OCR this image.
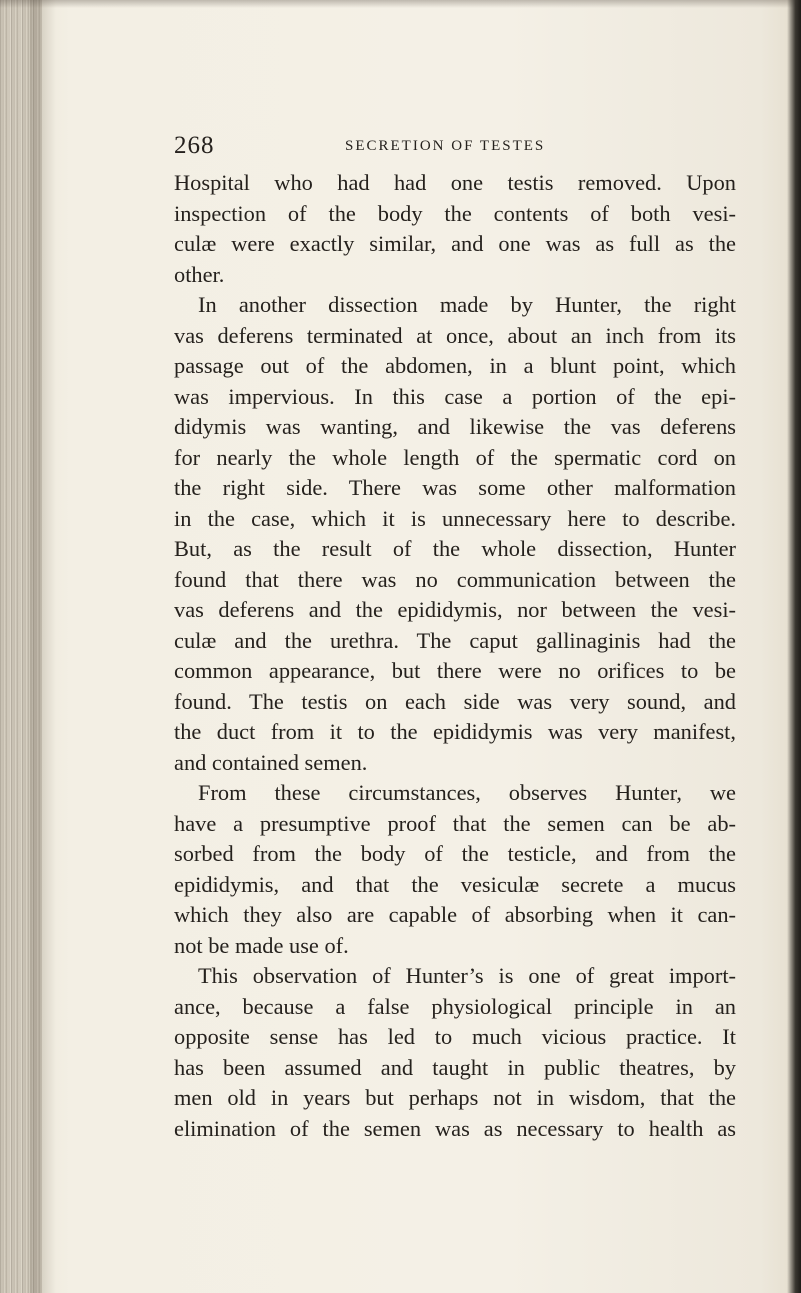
268	SECRETION OF TESTES
Hospital who had had one testis removed. Upon
inspection of the body the contents of both vesi-
culæ were exactly similar, and one was as full as the
other.
In another dissection made by Hunter, the right
vas deferens terminated at once, about an inch from its
passage out of the abdomen, in a blunt point, which
was impervious. In this case a portion of the epi-
didymis was wanting, and likewise the vas deferens
for nearly the whole length of the spermatic cord on
the right side. There was some other malformation
in the case, which it is unnecessary here to describe.
But, as the result of the whole dissection, Hunter
found that there was no communication between the
vas deferens and the epididymis, nor between the vesi-
culæ and the urethra. The caput gallinaginis had the
common appearance, but there were no orifices to be
found. The testis on each side was very sound, and
the duct from it to the epididymis was very manifest,
and contained semen.
From these circumstances, observes Hunter, we
have a presumptive proof that the semen can be ab-
sorbed from the body of the testicle, and from the
epididymis, and that the vesiculæ secrete a mucus
which they also are capable of absorbing when it can-
not be made use of.
This observation of Hunter’s is one of great import-
ance, because a false physiological principle in an
opposite sense has led to much vicious practice. It
has been assumed and taught in public theatres, by
men old in years but perhaps not in wisdom, that the
elimination of the semen was as necessary to health as
